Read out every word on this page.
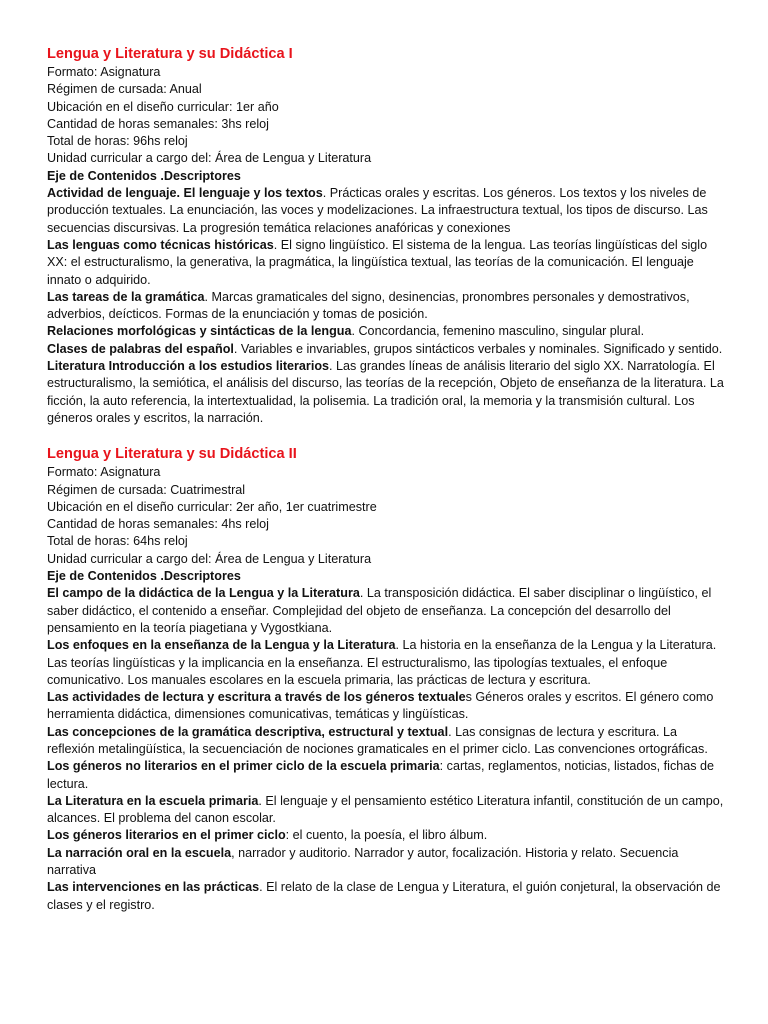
Lengua y Literatura y su Didáctica I
Formato: Asignatura
Régimen de cursada: Anual
Ubicación en el diseño curricular: 1er año
Cantidad de horas semanales: 3hs reloj
Total de horas: 96hs reloj
Unidad curricular a cargo del: Área de Lengua y Literatura
Eje de Contenidos .Descriptores
Actividad de lenguaje. El lenguaje y los textos. Prácticas orales y escritas. Los géneros. Los textos y los niveles de producción textuales. La enunciación, las voces y modelizaciones. La infraestructura textual, los tipos de discurso. Las secuencias discursivas. La progresión temática relaciones anafóricas y conexiones
Las lenguas como técnicas históricas. El signo lingüístico. El sistema de la lengua. Las teorías lingüísticas del siglo XX: el estructuralismo, la generativa, la pragmática, la lingüística textual, las teorías de la comunicación. El lenguaje innato o adquirido.
Las tareas de la gramática. Marcas gramaticales del signo, desinencias, pronombres personales y demostrativos, adverbios, deícticos. Formas de la enunciación y tomas de posición.
Relaciones morfológicas y sintácticas de la lengua. Concordancia, femenino masculino, singular plural.
Clases de palabras del español. Variables e invariables, grupos sintácticos verbales y nominales. Significado y sentido.
Literatura Introducción a los estudios literarios. Las grandes líneas de análisis literario del siglo XX. Narratología. El estructuralismo, la semiótica, el análisis del discurso, las teorías de la recepción, Objeto de enseñanza de la literatura. La ficción, la auto referencia, la intertextualidad, la polisemia. La tradición oral, la memoria y la transmisión cultural. Los géneros orales y escritos, la narración.
Lengua y Literatura y su Didáctica II
Formato: Asignatura
Régimen de cursada: Cuatrimestral
Ubicación en el diseño curricular: 2er año, 1er cuatrimestre
Cantidad de horas semanales: 4hs reloj
Total de horas: 64hs reloj
Unidad curricular a cargo del: Área de Lengua y Literatura
Eje de Contenidos .Descriptores
El campo de la didáctica de la Lengua y la Literatura. La transposición didáctica. El saber disciplinar o lingüístico, el saber didáctico, el contenido a enseñar. Complejidad del objeto de enseñanza. La concepción del desarrollo del pensamiento en la teoría piagetiana y Vygostkiana.
Los enfoques en la enseñanza de la Lengua y la Literatura. La historia en la enseñanza de la Lengua y la Literatura. Las teorías lingüísticas y la implicancia en la enseñanza. El estructuralismo, las tipologías textuales, el enfoque comunicativo. Los manuales escolares en la escuela primaria, las prácticas de lectura y escritura.
Las actividades de lectura y escritura a través de los géneros textuales Géneros orales y escritos. El género como herramienta didáctica, dimensiones comunicativas, temáticas y lingüísticas.
Las concepciones de la gramática descriptiva, estructural y textual. Las consignas de lectura y escritura. La reflexión metalingüística, la secuenciación de nociones gramaticales en el primer ciclo. Las convenciones ortográficas.
Los géneros no literarios en el primer ciclo de la escuela primaria: cartas, reglamentos, noticias, listados, fichas de lectura.
La Literatura en la escuela primaria. El lenguaje y el pensamiento estético Literatura infantil, constitución de un campo, alcances. El problema del canon escolar.
Los géneros literarios en el primer ciclo: el cuento, la poesía, el libro álbum.
La narración oral en la escuela, narrador y auditorio. Narrador y autor, focalización. Historia y relato. Secuencia narrativa
Las intervenciones en las prácticas. El relato de la clase de Lengua y Literatura, el guión conjetural, la observación de clases y el registro.
